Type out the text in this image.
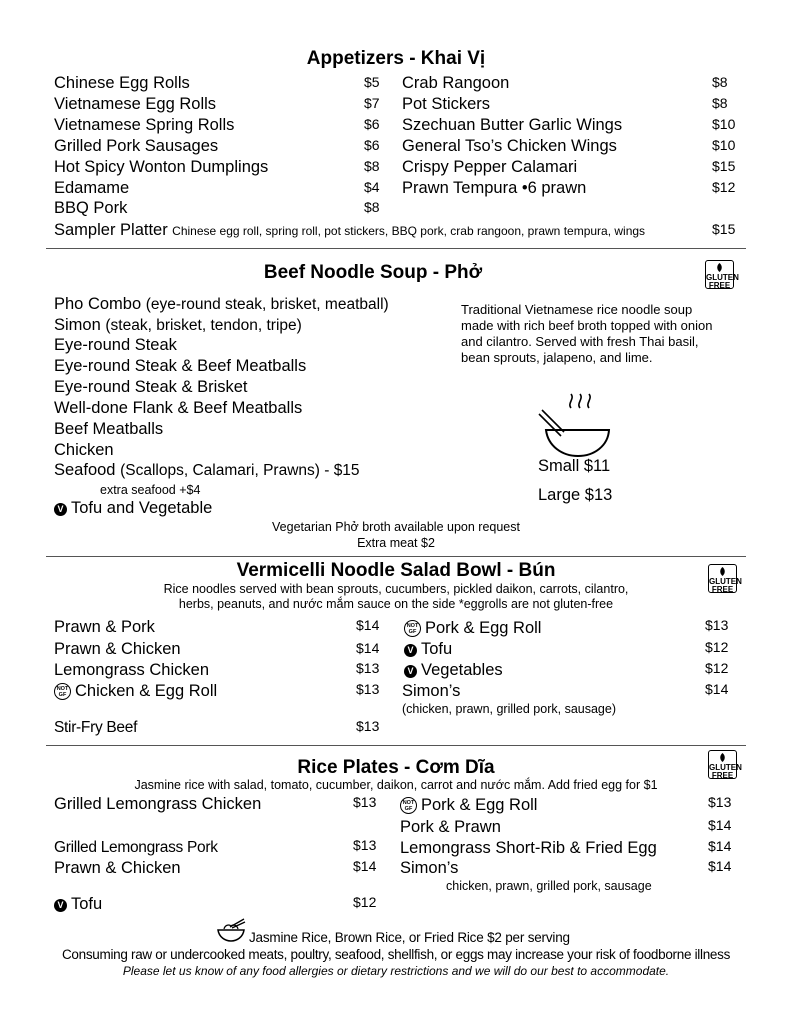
Appetizers - Khai Vị
Chinese Egg Rolls	$5
Vietnamese Egg Rolls	$7
Vietnamese Spring Rolls	$6
Grilled Pork Sausages	$6
Hot Spicy Wonton Dumplings	$8
Edamame	$4
BBQ Pork	$8
Crab Rangoon	$8
Pot Stickers	$8
Szechuan Butter Garlic Wings	$10
General Tso’s Chicken Wings	$10
Crispy Pepper Calamari	$15
Prawn Tempura •6 prawn	$12
Sampler Platter Chinese egg roll, spring roll, pot stickers, BBQ pork, crab rangoon, prawn tempura, wings	$15
Beef Noodle Soup - Phở	GLUTEN
FREE
Pho Combo (eye-round steak, brisket, meatball)
Simon (steak, brisket, tendon, tripe)
Eye-round Steak
Eye-round Steak & Beef Meatballs
Eye-round Steak & Brisket
Well-done Flank & Beef Meatballs
Beef Meatballs
Chicken
Seafood (Scallops, Calamari, Prawns) - $15
extra seafood +$4
V Tofu and Vegetable
Traditional Vietnamese rice noodle soup
made with rich beef broth topped with onion
and cilantro. Served with fresh Thai basil,
bean sprouts, jalapeno, and lime.
Small $11
Large $13
Vegetarian Phở broth available upon request
Extra meat $2
Vermicelli Noodle Salad Bowl - Bún
GLUTEN
FREE
Rice noodles served with bean sprouts, cucumbers, pickled daikon, carrots, cilantro,
herbs, peanuts, and nước mắm sauce on the side *eggrolls are not gluten-free
Prawn & Pork	$14
Prawn & Chicken	$14
Lemongrass Chicken	$13
NOT
GF Chicken & Egg Roll	$13
Stir-Fry Beef	$13
NOT
GF Pork & Egg Roll	$13
V Tofu	$12
V Vegetables	$12
Simon’s	$14
(chicken, prawn, grilled pork, sausage)
Rice Plates - Cơm Dĩa	GLUTEN
FREE
Jasmine rice with salad, tomato, cucumber, daikon, carrot and nước mắm. Add fried egg for $1
Grilled Lemongrass Chicken	$13
Grilled Lemongrass Pork	$13
Prawn & Chicken	$14
V Tofu	$12
NOT
GF Pork & Egg Roll	$13
Pork & Prawn	$14
Lemongrass Short-Rib & Fried Egg	$14
Simon’s	$14
chicken, prawn, grilled pork, sausage
Jasmine Rice, Brown Rice, or Fried Rice $2 per serving
Consuming raw or undercooked meats, poultry, seafood, shellfish, or eggs may increase your risk of foodborne illness
Please let us know of any food allergies or dietary restrictions and we will do our best to accommodate.
